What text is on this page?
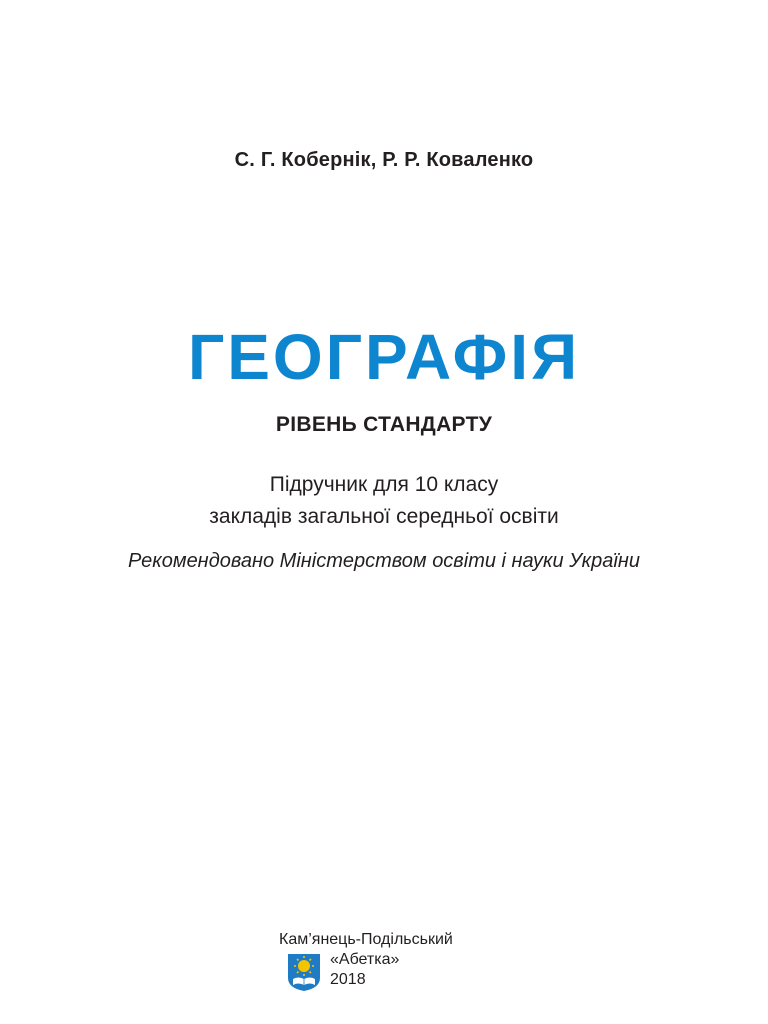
С. Г. Кобернік, Р. Р. Коваленко
ГЕОГРАФІЯ
РІВЕНЬ СТАНДАРТУ
Підручник для 10 класу
закладів загальної середньої освіти
Рекомендовано Міністерством освіти і науки України
Кам’янець-Подільський
«Абетка»
2018
